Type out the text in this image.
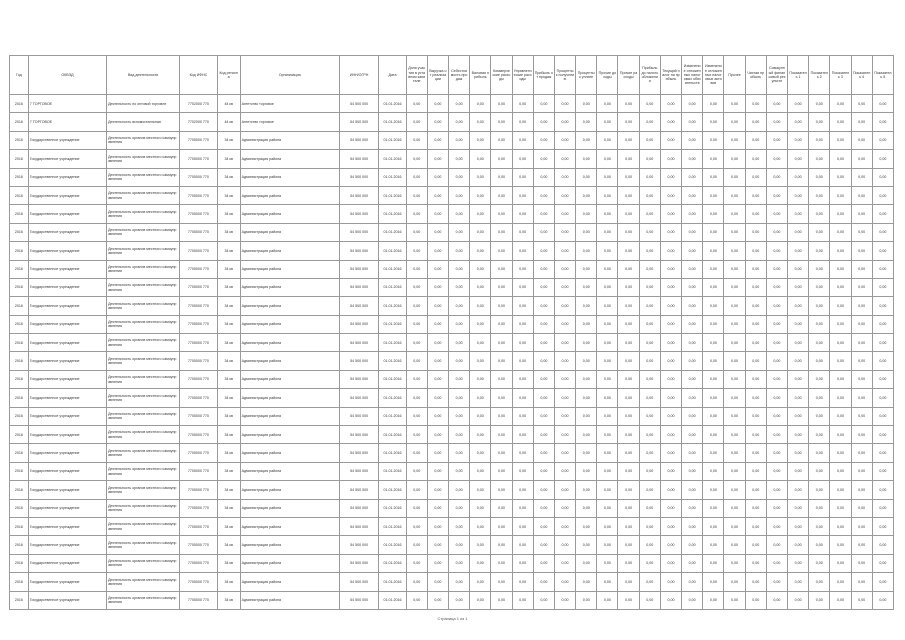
Год	ОКВЭД	Вид деятельности	Код ИФНС	Код региона	Организация	ИНН/ОГРН	Дата	Доля участия в уставном капитале	Выручка от реализации	Себестоимость продаж	Валовая прибыль	Коммерческие расходы	Управленческие расходы	Прибыль от продаж	Проценты к получению	Проценты к уплате	Прочие доходы	Прочие расходы	Прибыль до налогообложения	Текущий налог на прибыль	Изменение отложенных налоговых обязательств	Изменение отложенных налоговых активов	Прочее	Чистая прибыль	Совокупный финансовый результат	Показатель 1	Показатель 2	Показатель 3	Показатель 4	Показатель 5
2016	7 ТОРГОВОЕ	Деятельность по оптовой торговле	7702000 770	44 кв	Агентство торговое	54 500 000	01.01.2016	0,00	0,00	0,00	0,00	0,00	0,00	0,00	0,00	0,00	0,00	0,00	0,00	0,00	0,00	0,00	0,00	0,00	0,00	0,00	0,00	0,00	0,00	0,00
2016	7 ТОРГОВОЕ	Деятельность вспомогательная	7702000 770	44 кв	Агентство торговое	54 500 000	01.01.2016	0,00	0,00	0,00	0,00	0,00	0,00	0,00	0,00	0,00	0,00	0,00	0,00	0,00	0,00	0,00	0,00	0,00	0,00	0,00	0,00	0,00	0,00	0,00
2016	Государственное учреждение	Деятельность органов местного самоуправления	7705000 770	34 кв	Администрация района	54 500 000	01.01.2016	0,00	0,00	0,00	0,00	0,00	0,00	0,00	0,00	0,00	0,00	0,00	0,00	0,00	0,00	0,00	0,00	0,00	0,00	0,00	0,00	0,00	0,00	0,00
2016	Государственное учреждение	Деятельность органов местного самоуправления	7705000 770	34 кв	Администрация района	54 500 000	01.01.2016	0,00	0,00	0,00	0,00	0,00	0,00	0,00	0,00	0,00	0,00	0,00	0,00	0,00	0,00	0,00	0,00	0,00	0,00	0,00	0,00	0,00	0,00	0,00
2016	Государственное учреждение	Деятельность органов местного самоуправления	7705000 770	34 кв	Администрация района	54 500 000	01.01.2016	0,00	0,00	0,00	0,00	0,00	0,00	0,00	0,00	0,00	0,00	0,00	0,00	0,00	0,00	0,00	0,00	0,00	0,00	0,00	0,00	0,00	0,00	0,00
2016	Государственное учреждение	Деятельность органов местного самоуправления	7705000 770	34 кв	Администрация района	54 500 000	01.01.2016	0,00	0,00	0,00	0,00	0,00	0,00	0,00	0,00	0,00	0,00	0,00	0,00	0,00	0,00	0,00	0,00	0,00	0,00	0,00	0,00	0,00	0,00	0,00
2016	Государственное учреждение	Деятельность органов местного самоуправления	7705000 770	34 кв	Администрация района	54 500 000	01.01.2016	0,00	0,00	0,00	0,00	0,00	0,00	0,00	0,00	0,00	0,00	0,00	0,00	0,00	0,00	0,00	0,00	0,00	0,00	0,00	0,00	0,00	0,00	0,00
2016	Государственное учреждение	Деятельность органов местного самоуправления	7705000 770	34 кв	Администрация района	54 500 000	01.01.2016	0,00	0,00	0,00	0,00	0,00	0,00	0,00	0,00	0,00	0,00	0,00	0,00	0,00	0,00	0,00	0,00	0,00	0,00	0,00	0,00	0,00	0,00	0,00
2016	Государственное учреждение	Деятельность органов местного самоуправления	7705000 770	34 кв	Администрация района	54 500 000	01.01.2016	0,00	0,00	0,00	0,00	0,00	0,00	0,00	0,00	0,00	0,00	0,00	0,00	0,00	0,00	0,00	0,00	0,00	0,00	0,00	0,00	0,00	0,00	0,00
2016	Государственное учреждение	Деятельность органов местного самоуправления	7705000 770	34 кв	Администрация района	54 500 000	01.01.2016	0,00	0,00	0,00	0,00	0,00	0,00	0,00	0,00	0,00	0,00	0,00	0,00	0,00	0,00	0,00	0,00	0,00	0,00	0,00	0,00	0,00	0,00	0,00
2016	Государственное учреждение	Деятельность органов местного самоуправления	7705000 770	34 кв	Администрация района	54 500 000	01.01.2016	0,00	0,00	0,00	0,00	0,00	0,00	0,00	0,00	0,00	0,00	0,00	0,00	0,00	0,00	0,00	0,00	0,00	0,00	0,00	0,00	0,00	0,00	0,00
2016	Государственное учреждение	Деятельность органов местного самоуправления	7705000 770	34 кв	Администрация района	54 500 000	01.01.2016	0,00	0,00	0,00	0,00	0,00	0,00	0,00	0,00	0,00	0,00	0,00	0,00	0,00	0,00	0,00	0,00	0,00	0,00	0,00	0,00	0,00	0,00	0,00
2016	Государственное учреждение	Деятельность органов местного самоуправления	7705000 770	34 кв	Администрация района	54 500 000	01.01.2016	0,00	0,00	0,00	0,00	0,00	0,00	0,00	0,00	0,00	0,00	0,00	0,00	0,00	0,00	0,00	0,00	0,00	0,00	0,00	0,00	0,00	0,00	0,00
2016	Государственное учреждение	Деятельность органов местного самоуправления	7705000 770	34 кв	Администрация района	54 500 000	01.01.2016	0,00	0,00	0,00	0,00	0,00	0,00	0,00	0,00	0,00	0,00	0,00	0,00	0,00	0,00	0,00	0,00	0,00	0,00	0,00	0,00	0,00	0,00	0,00
2016	Государственное учреждение	Деятельность органов местного самоуправления	7705000 770	34 кв	Администрация района	54 500 000	01.01.2016	0,00	0,00	0,00	0,00	0,00	0,00	0,00	0,00	0,00	0,00	0,00	0,00	0,00	0,00	0,00	0,00	0,00	0,00	0,00	0,00	0,00	0,00	0,00
2016	Государственное учреждение	Деятельность органов местного самоуправления	7705000 770	34 кв	Администрация района	54 500 000	01.01.2016	0,00	0,00	0,00	0,00	0,00	0,00	0,00	0,00	0,00	0,00	0,00	0,00	0,00	0,00	0,00	0,00	0,00	0,00	0,00	0,00	0,00	0,00	0,00
2016	Государственное учреждение	Деятельность органов местного самоуправления	7705000 770	34 кв	Администрация района	54 500 000	01.01.2016	0,00	0,00	0,00	0,00	0,00	0,00	0,00	0,00	0,00	0,00	0,00	0,00	0,00	0,00	0,00	0,00	0,00	0,00	0,00	0,00	0,00	0,00	0,00
2016	Государственное учреждение	Деятельность органов местного самоуправления	7705000 770	34 кв	Администрация района	54 500 000	01.01.2016	0,00	0,00	0,00	0,00	0,00	0,00	0,00	0,00	0,00	0,00	0,00	0,00	0,00	0,00	0,00	0,00	0,00	0,00	0,00	0,00	0,00	0,00	0,00
2016	Государственное учреждение	Деятельность органов местного самоуправления	7705000 770	34 кв	Администрация района	54 500 000	01.01.2016	0,00	0,00	0,00	0,00	0,00	0,00	0,00	0,00	0,00	0,00	0,00	0,00	0,00	0,00	0,00	0,00	0,00	0,00	0,00	0,00	0,00	0,00	0,00
2016	Государственное учреждение	Деятельность органов местного самоуправления	7705000 770	34 кв	Администрация района	54 500 000	01.01.2016	0,00	0,00	0,00	0,00	0,00	0,00	0,00	0,00	0,00	0,00	0,00	0,00	0,00	0,00	0,00	0,00	0,00	0,00	0,00	0,00	0,00	0,00	0,00
2016	Государственное учреждение	Деятельность органов местного самоуправления	7705000 770	34 кв	Администрация района	54 500 000	01.01.2016	0,00	0,00	0,00	0,00	0,00	0,00	0,00	0,00	0,00	0,00	0,00	0,00	0,00	0,00	0,00	0,00	0,00	0,00	0,00	0,00	0,00	0,00	0,00
2016	Государственное учреждение	Деятельность органов местного самоуправления	7705000 770	34 кв	Администрация района	54 500 000	01.01.2016	0,00	0,00	0,00	0,00	0,00	0,00	0,00	0,00	0,00	0,00	0,00	0,00	0,00	0,00	0,00	0,00	0,00	0,00	0,00	0,00	0,00	0,00	0,00
2016	Государственное учреждение	Деятельность органов местного самоуправления	7705000 770	34 кв	Администрация района	54 500 000	01.01.2016	0,00	0,00	0,00	0,00	0,00	0,00	0,00	0,00	0,00	0,00	0,00	0,00	0,00	0,00	0,00	0,00	0,00	0,00	0,00	0,00	0,00	0,00	0,00
2016	Государственное учреждение	Деятельность органов местного самоуправления	7705000 770	34 кв	Администрация района	54 500 000	01.01.2016	0,00	0,00	0,00	0,00	0,00	0,00	0,00	0,00	0,00	0,00	0,00	0,00	0,00	0,00	0,00	0,00	0,00	0,00	0,00	0,00	0,00	0,00	0,00
2016	Государственное учреждение	Деятельность органов местного самоуправления	7705000 770	34 кв	Администрация района	54 500 000	01.01.2016	0,00	0,00	0,00	0,00	0,00	0,00	0,00	0,00	0,00	0,00	0,00	0,00	0,00	0,00	0,00	0,00	0,00	0,00	0,00	0,00	0,00	0,00	0,00
2016	Государственное учреждение	Деятельность органов местного самоуправления	7705000 770	34 кв	Администрация района	54 500 000	01.01.2016	0,00	0,00	0,00	0,00	0,00	0,00	0,00	0,00	0,00	0,00	0,00	0,00	0,00	0,00	0,00	0,00	0,00	0,00	0,00	0,00	0,00	0,00	0,00
2016	Государственное учреждение	Деятельность органов местного самоуправления	7705000 770	34 кв	Администрация района	54 500 000	01.01.2016	0,00	0,00	0,00	0,00	0,00	0,00	0,00	0,00	0,00	0,00	0,00	0,00	0,00	0,00	0,00	0,00	0,00	0,00	0,00	0,00	0,00	0,00	0,00
2016	Государственное учреждение	Деятельность органов местного самоуправления	7705000 770	34 кв	Администрация района	54 500 000	01.01.2016	0,00	0,00	0,00	0,00	0,00	0,00	0,00	0,00	0,00	0,00	0,00	0,00	0,00	0,00	0,00	0,00	0,00	0,00	0,00	0,00	0,00	0,00	0,00
Страница 1 из 1
